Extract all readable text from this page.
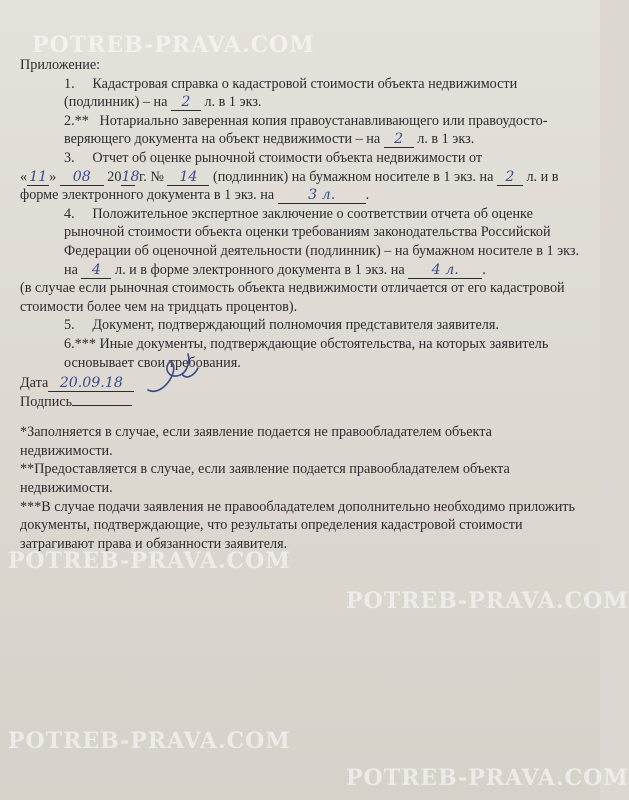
POTREB-PRAVA.COM
POTREB-PRAVA.COM
POTREB-PRAVA.COM
POTREB-PRAVA.COM
POTREB-PRAVA.COM

Приложение:

1. Кадастровая справка о кадастровой стоимости объекта недвижимости (подлинник) – на 2 л. в 1 экз.

2.** Нотариально заверенная копия правоустанавливающего или правоудосто-веряющего документа на объект недвижимости – на 2 л. в 1 экз.

3. Отчет об оценке рыночной стоимости объекта недвижимости от

« 11 » 08 2018 г. № 14 (подлинник) на бумажном носителе в 1 экз. на 2 л. и в форме электронного документа в 1 экз. на 3 л. .

4. Положительное экспертное заключение о соответствии отчета об оценке рыночной стоимости объекта оценки требованиям законодательства Российской Федерации об оценочной деятельности (подлинник) – на бумажном носителе в 1 экз. на 4 л. и в форме электронного документа в 1 экз. на 4 л. .

(в случае если рыночная стоимость объекта недвижимости отличается от его кадастровой стоимости более чем на тридцать процентов).

5. Документ, подтверждающий полномочия представителя заявителя.

6.*** Иные документы, подтверждающие обстоятельства, на которых заявитель основывает свои требования.

Дата 20.09.18

Подпись

*Заполняется в случае, если заявление подается не правообладателем объекта недвижимости.

**Предоставляется в случае, если заявление подается правообладателем объекта недвижимости.

***В случае подачи заявления не правообладателем дополнительно необходимо приложить документы, подтверждающие, что результаты определения кадастровой стоимости затрагивают права и обязанности заявителя.
